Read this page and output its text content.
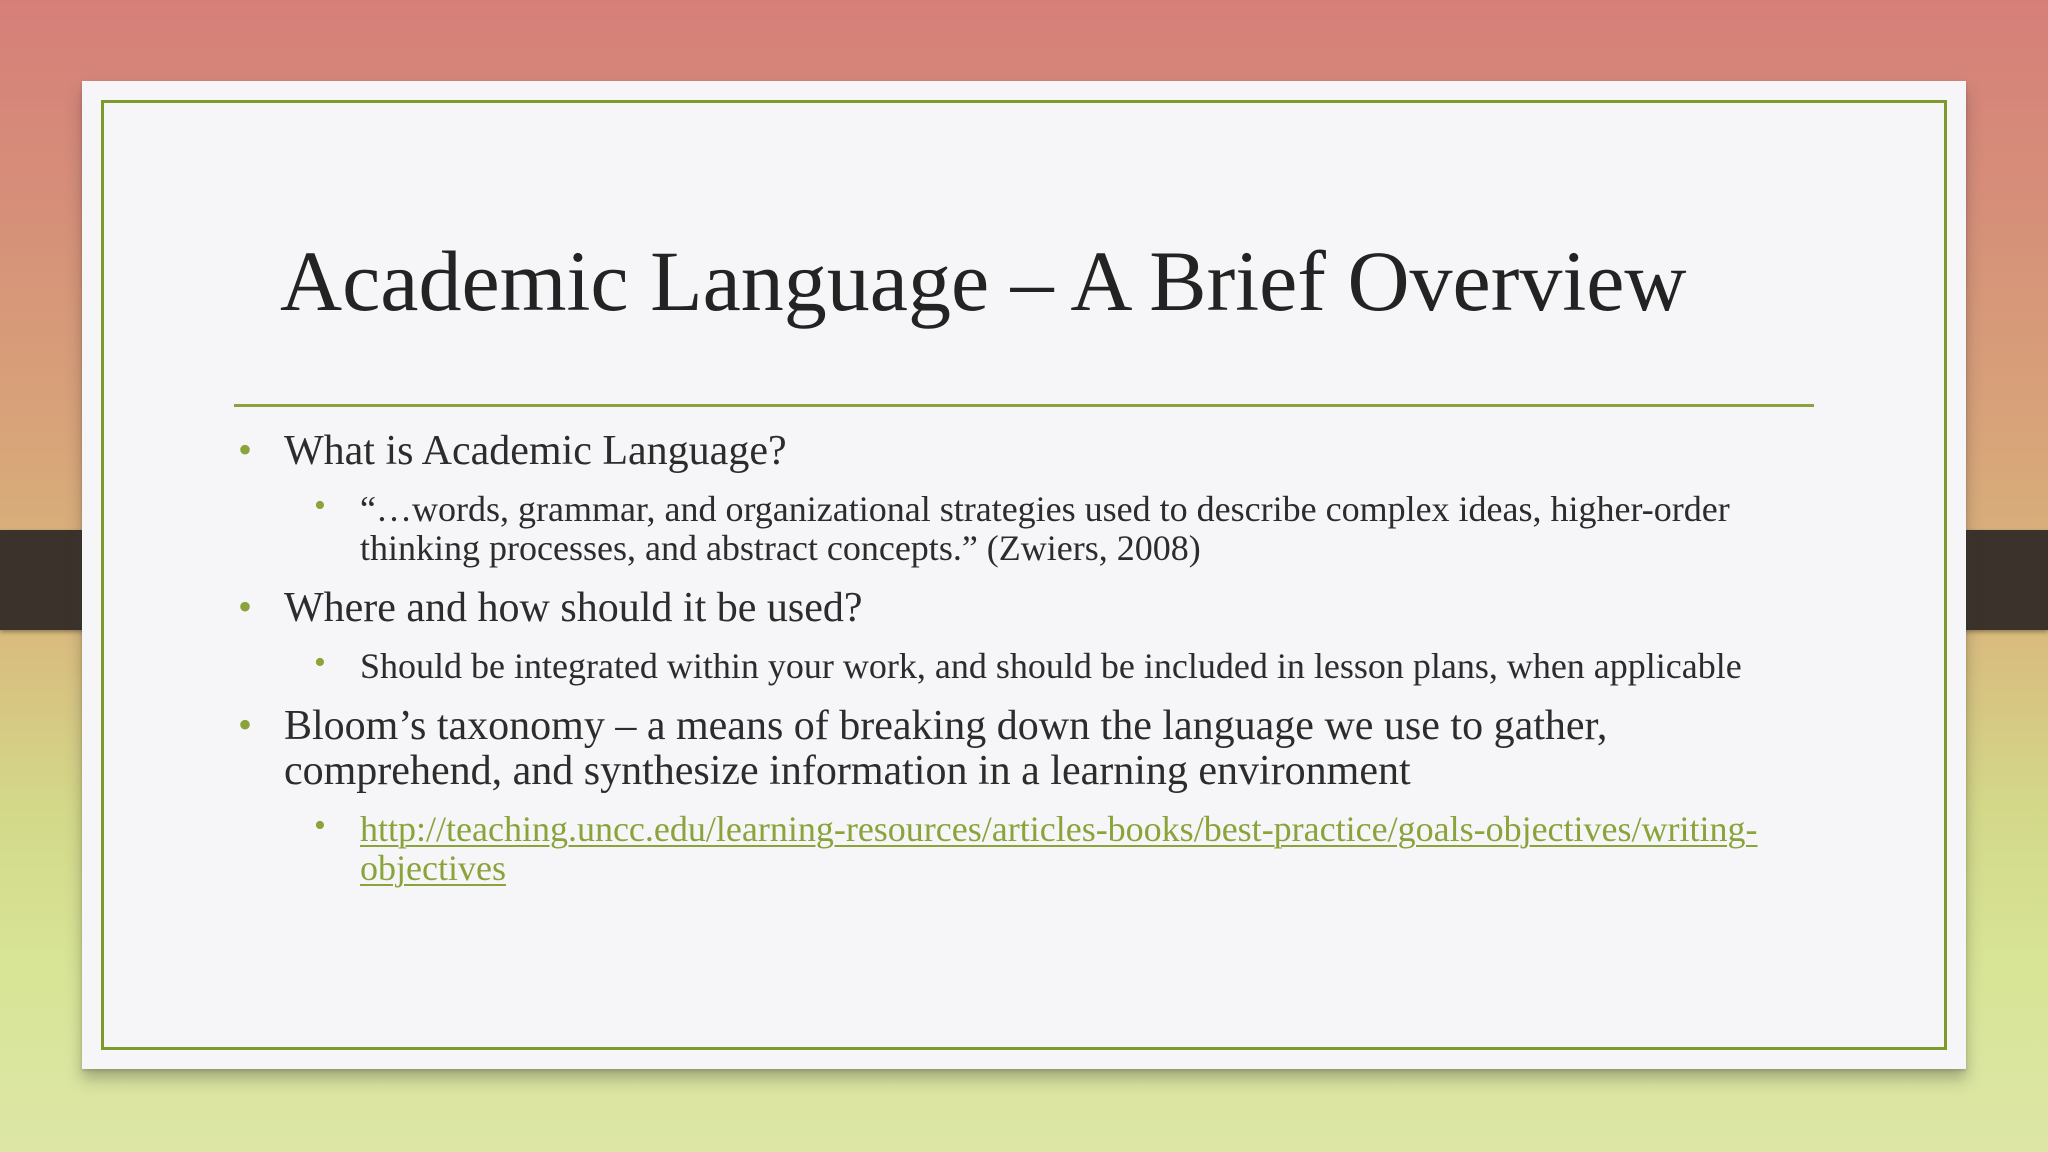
Academic Language – A Brief Overview
• What is Academic Language?
• “…words, grammar, and organizational strategies used to describe complex ideas, higher-order thinking processes, and abstract concepts.” (Zwiers, 2008)
• Where and how should it be used?
• Should be integrated within your work, and should be included in lesson plans, when applicable
• Bloom’s taxonomy – a means of breaking down the language we use to gather, comprehend, and synthesize information in a learning environment
• http://teaching.uncc.edu/learning-resources/articles-books/best-practice/goals-objectives/writing-objectives
